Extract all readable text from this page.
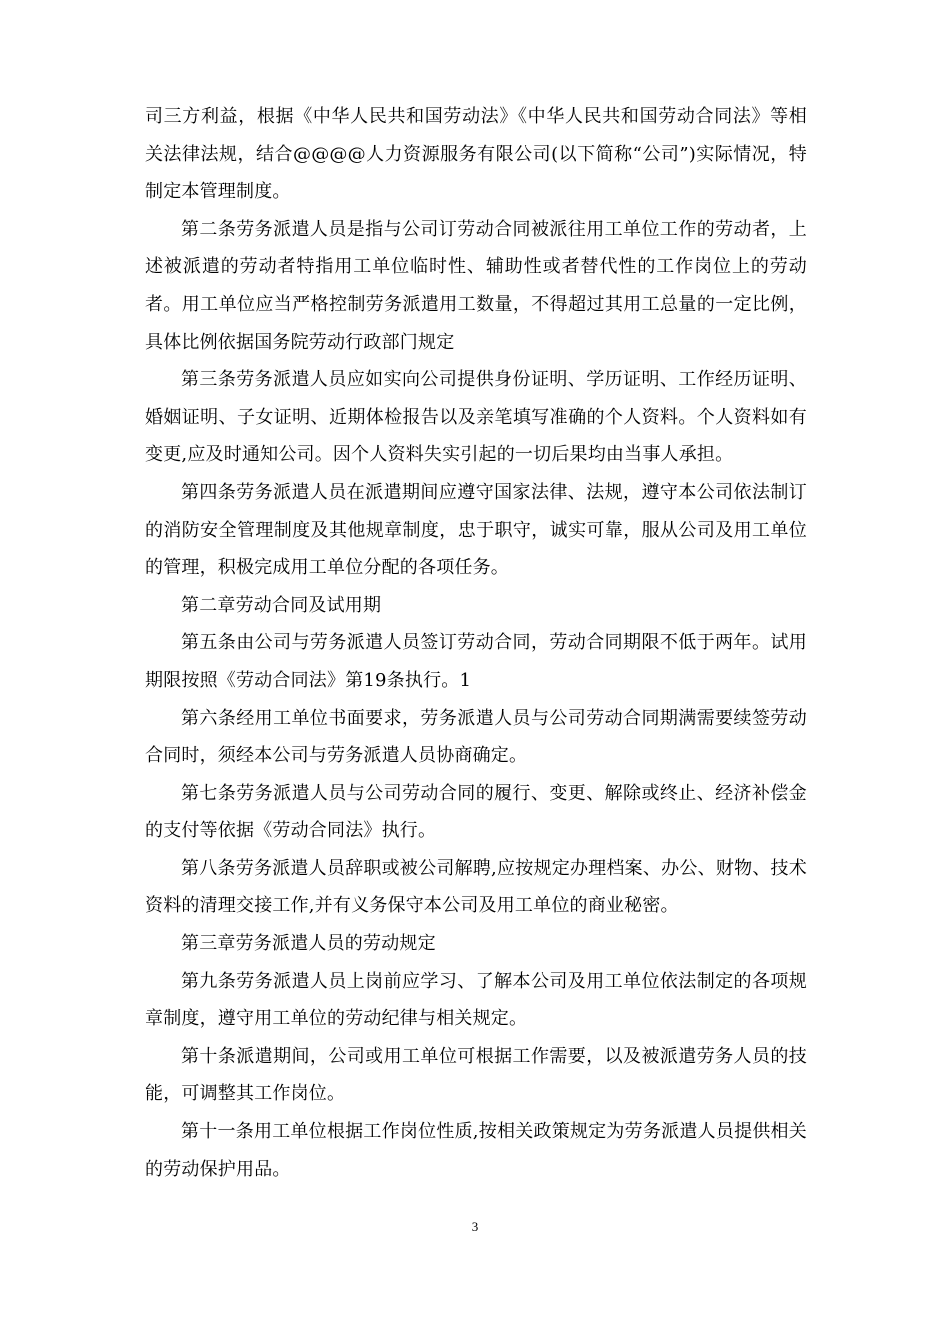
司三方利益，根据《中华人民共和国劳动法》《中华人民共和国劳动合同法》等相关法律法规，结合@@@@人力资源服务有限公司(以下简称“公司”)实际情况，特制定本管理制度。

第二条劳务派遣人员是指与公司订劳动合同被派往用工单位工作的劳动者，上述被派遣的劳动者特指用工单位临时性、辅助性或者替代性的工作岗位上的劳动者。用工单位应当严格控制劳务派遣用工数量，不得超过其用工总量的一定比例，具体比例依据国务院劳动行政部门规定

第三条劳务派遣人员应如实向公司提供身份证明、学历证明、工作经历证明、婚姻证明、子女证明、近期体检报告以及亲笔填写准确的个人资料。个人资料如有变更,应及时通知公司。因个人资料失实引起的一切后果均由当事人承担。

第四条劳务派遣人员在派遣期间应遵守国家法律、法规，遵守本公司依法制订的消防安全管理制度及其他规章制度，忠于职守，诚实可靠，服从公司及用工单位的管理，积极完成用工单位分配的各项任务。

第二章劳动合同及试用期

第五条由公司与劳务派遣人员签订劳动合同，劳动合同期限不低于两年。试用期限按照《劳动合同法》第19条执行。1

第六条经用工单位书面要求，劳务派遣人员与公司劳动合同期满需要续签劳动合同时，须经本公司与劳务派遣人员协商确定。

第七条劳务派遣人员与公司劳动合同的履行、变更、解除或终止、经济补偿金的支付等依据《劳动合同法》执行。

第八条劳务派遣人员辞职或被公司解聘,应按规定办理档案、办公、财物、技术资料的清理交接工作,并有义务保守本公司及用工单位的商业秘密。

第三章劳务派遣人员的劳动规定

第九条劳务派遣人员上岗前应学习、了解本公司及用工单位依法制定的各项规章制度，遵守用工单位的劳动纪律与相关规定。

第十条派遣期间，公司或用工单位可根据工作需要，以及被派遣劳务人员的技能，可调整其工作岗位。

第十一条用工单位根据工作岗位性质,按相关政策规定为劳务派遣人员提供相关的劳动保护用品。

3
